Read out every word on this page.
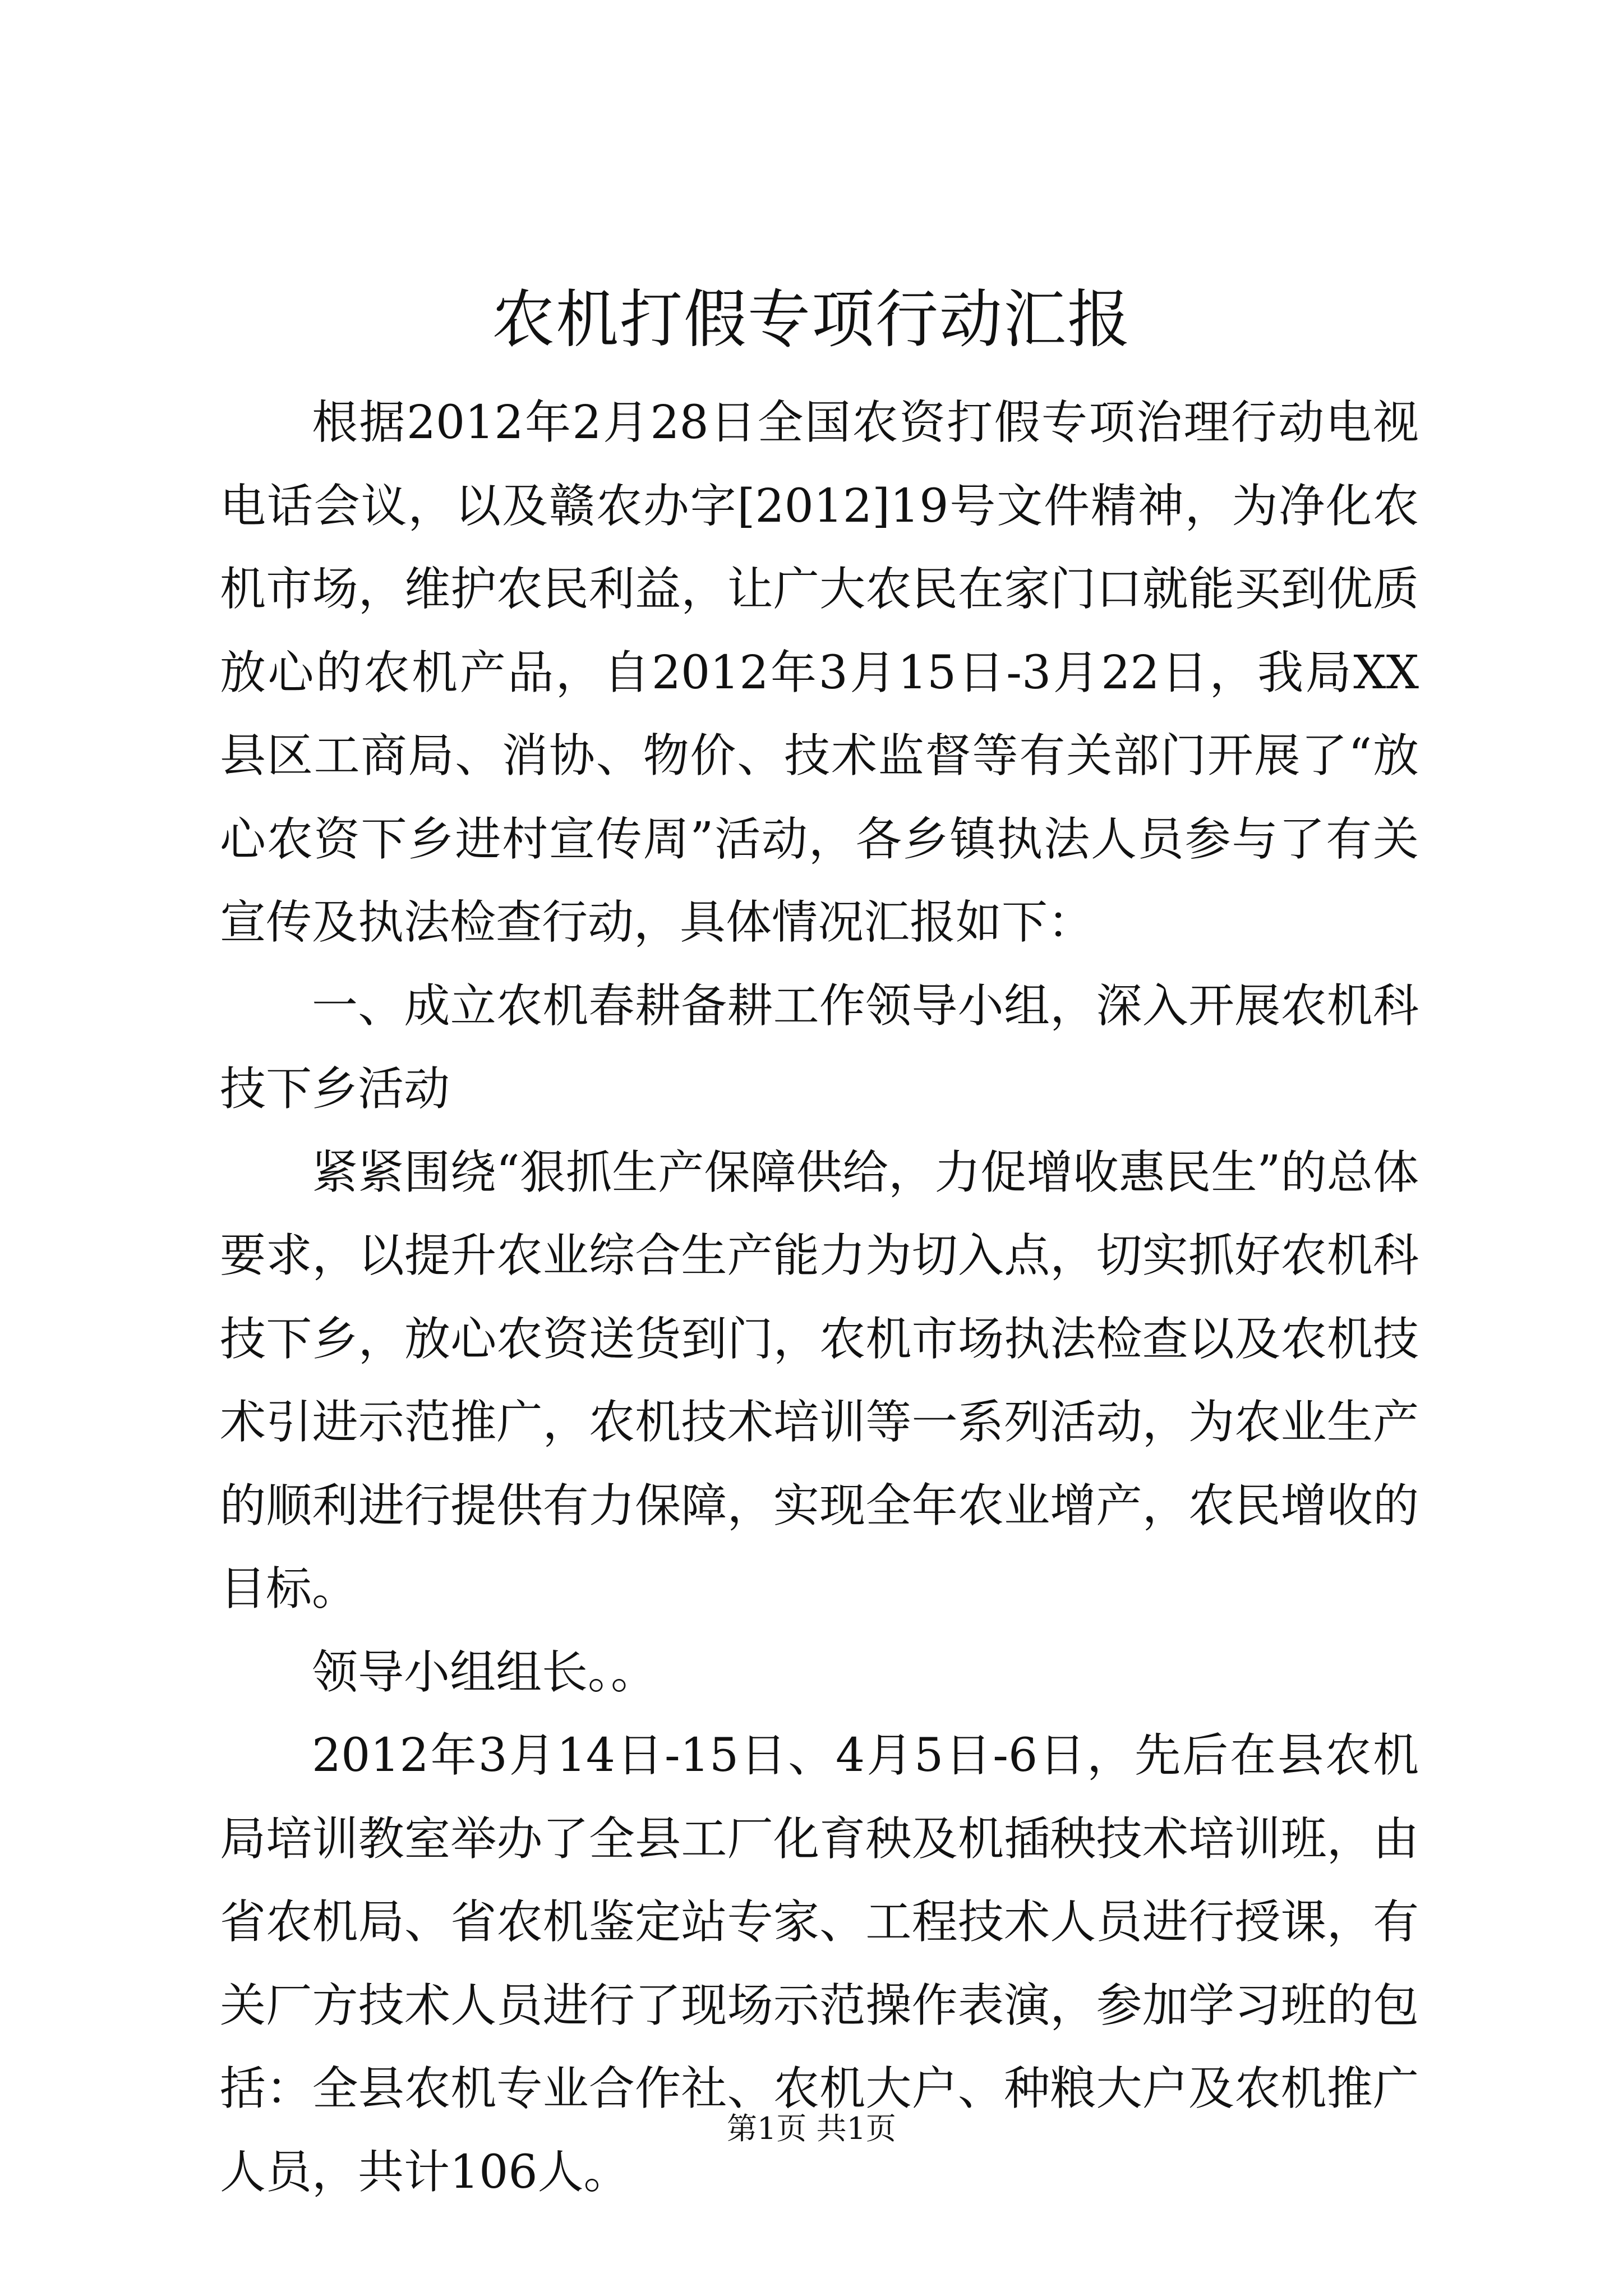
农机打假专项行动汇报

根据2012年2月28日全国农资打假专项治理行动电视电话会议，以及赣农办字[2012]19号文件精神，为净化农机市场，维护农民利益，让广大农民在家门口就能买到优质放心的农机产品，自2012年3月15日-3月22日，我局XX县区工商局、消协、物价、技术监督等有关部门开展了“放心农资下乡进村宣传周”活动，各乡镇执法人员参与了有关宣传及执法检查行动，具体情况汇报如下：

一、成立农机春耕备耕工作领导小组，深入开展农机科技下乡活动

紧紧围绕“狠抓生产保障供给，力促增收惠民生”的总体要求，以提升农业综合生产能力为切入点，切实抓好农机科技下乡，放心农资送货到门，农机市场执法检查以及农机技术引进示范推广，农机技术培训等一系列活动，为农业生产的顺利进行提供有力保障，实现全年农业增产，农民增收的目标。

领导小组组长。。

2012年3月14日-15日、4月5日-6日，先后在县农机局培训教室举办了全县工厂化育秧及机插秧技术培训班，由省农机局、省农机鉴定站专家、工程技术人员进行授课，有关厂方技术人员进行了现场示范操作表演，参加学习班的包括：全县农机专业合作社、农机大户、种粮大户及农机推广人员，共计106人。

第1页 共1页
